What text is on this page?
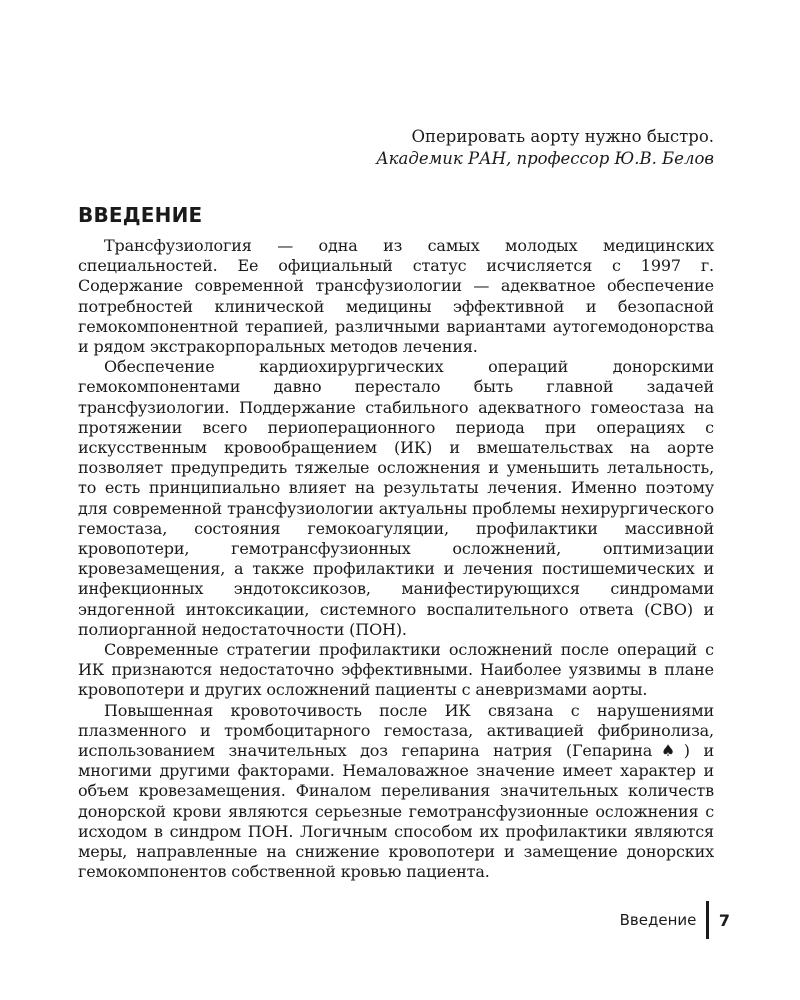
Оперировать аорту нужно быстро.
Академик РАН, профессор Ю.В. Белов
ВВЕДЕНИЕ

Трансфузиология — одна из самых молодых медицинских специальностей. Ее официальный статус исчисляется с 1997 г. Содержание современной трансфузиологии — адекватное обеспечение потребностей клинической медицины эффективной и безопасной гемокомпонентной терапией, различными вариантами аутогемодонорства и рядом экстракорпоральных методов лечения.

Обеспечение кардиохирургических операций донорскими гемокомпонентами давно перестало быть главной задачей трансфузиологии. Поддержание стабильного адекватного гомеостаза на протяжении всего периоперационного периода при операциях с искусственным кровообращением (ИК) и вмешательствах на аорте позволяет предупредить тяжелые осложнения и уменьшить летальность, то есть принципиально влияет на результаты лечения. Именно поэтому для современной трансфузиологии актуальны проблемы нехирургического гемостаза, состояния гемокоагуляции, профилактики массивной кровопотери, гемотрансфузионных осложнений, оптимизации кровезамещения, а также профилактики и лечения постишемических и инфекционных эндотоксикозов, манифестирующихся синдромами эндогенной интоксикации, системного воспалительного ответа (СВО) и полиорганной недостаточности (ПОН).

Современные стратегии профилактики осложнений после операций с ИК признаются недостаточно эффективными. Наиболее уязвимы в плане кровопотери и других осложнений пациенты с аневризмами аорты.

Повышенная кровоточивость после ИК связана с нарушениями плазменного и тромбоцитарного гемостаза, активацией фибринолиза, использованием значительных доз гепарина натрия (Гепарина♠) и многими другими факторами. Немаловажное значение имеет характер и объем кровезамещения. Финалом переливания значительных количеств донорской крови являются серьезные гемотрансфузионные осложнения с исходом в синдром ПОН. Логичным способом их профилактики являются меры, направленные на снижение кровопотери и замещение донорских гемокомпонентов собственной кровью пациента.

Введение	7
